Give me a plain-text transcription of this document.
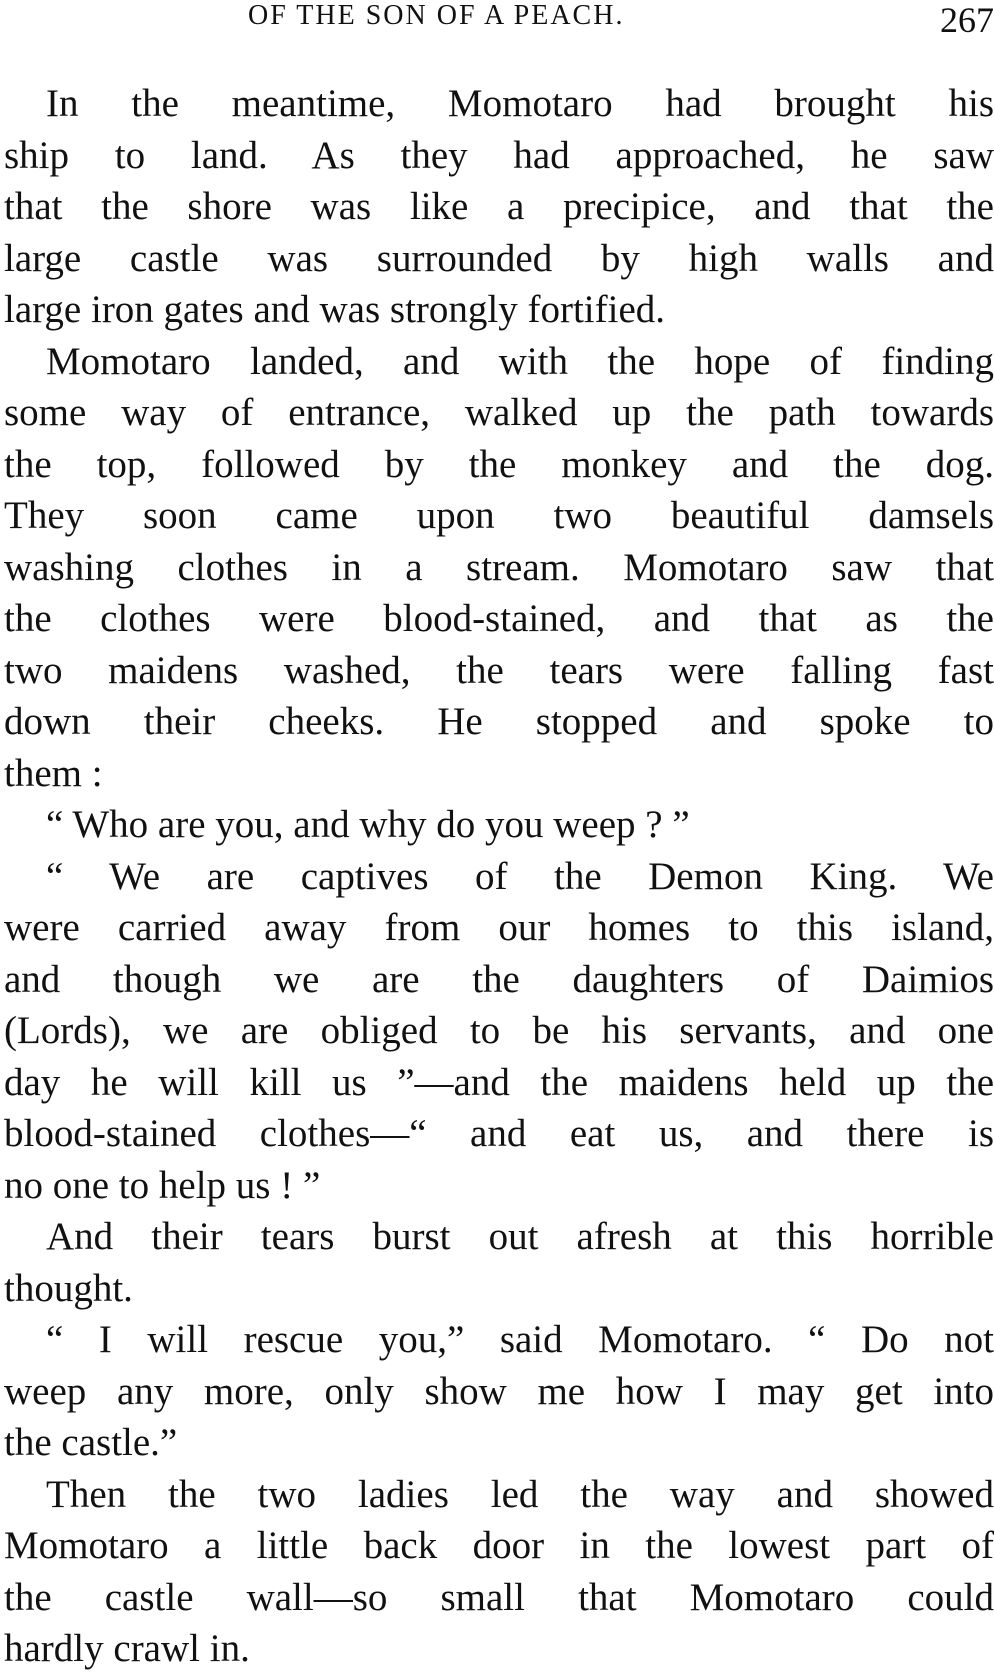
OF THE SON OF A PEACH.	267
In the meantime, Momotaro had brought his
ship to land. As they had approached, he saw
that the shore was like a precipice, and that the
large castle was surrounded by high walls and
large iron gates and was strongly fortified.
Momotaro landed, and with the hope of finding
some way of entrance, walked up the path towards
the top, followed by the monkey and the dog.
They soon came upon two beautiful damsels
washing clothes in a stream. Momotaro saw that
the clothes were blood-stained, and that as the
two maidens washed, the tears were falling fast
down their cheeks. He stopped and spoke to
them :
“ Who are you, and why do you weep ? ”
“ We are captives of the Demon King. We
were carried away from our homes to this island,
and though we are the daughters of Daimios
(Lords), we are obliged to be his servants, and one
day he will kill us ”—and the maidens held up the
blood-stained clothes—“ and eat us, and there is
no one to help us ! ”
And their tears burst out afresh at this horrible
thought.
“ I will rescue you,” said Momotaro. “ Do not
weep any more, only show me how I may get into
the castle.”
Then the two ladies led the way and showed
Momotaro a little back door in the lowest part of
the castle wall—so small that Momotaro could
hardly crawl in.
